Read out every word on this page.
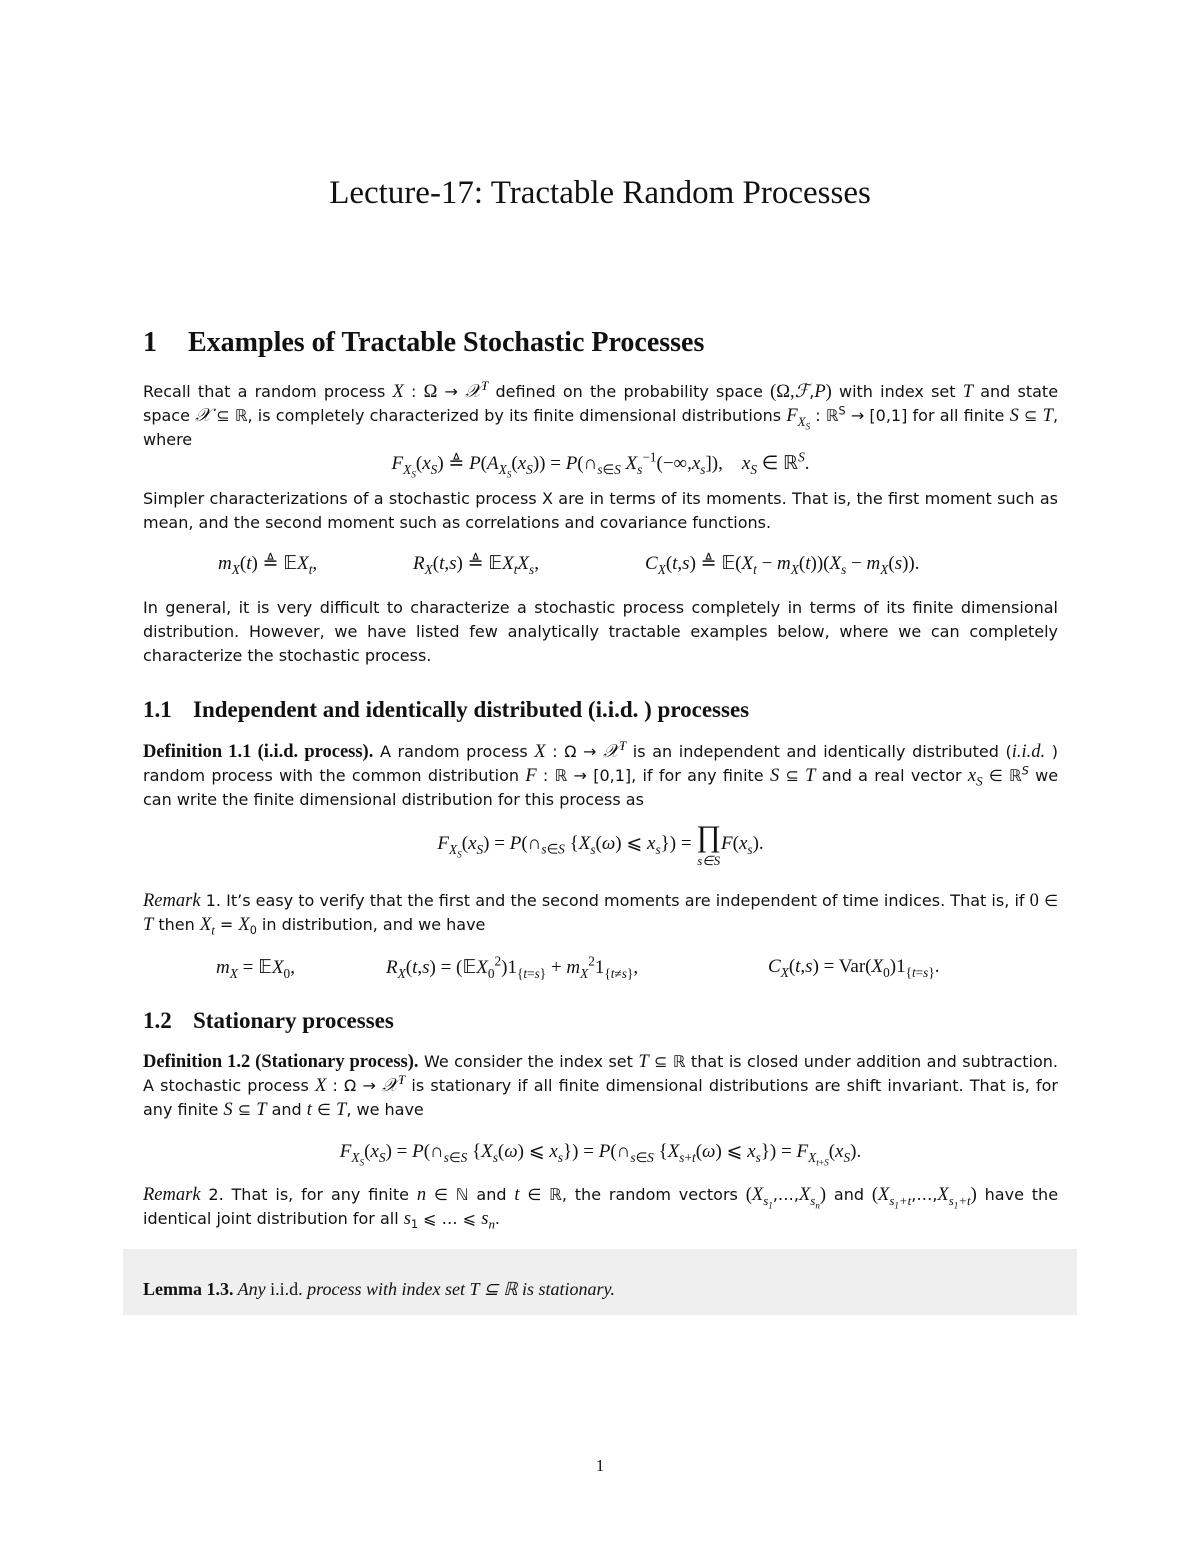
Lecture-17: Tractable Random Processes
1 Examples of Tractable Stochastic Processes
Recall that a random process X : Ω → 𝒳$^T$ defined on the probability space (Ω,ℱ,P) with index set T and state space 𝒳 ⊆ ℝ, is completely characterized by its finite dimensional distributions $F_{X_S}$ : ℝ$^S$ → [0,1] for all finite S ⊆ T, where
$F_{X_S}(x_S)$ ≜ $P(A_{X_S}(x_S))$ = $P(\cap_{s\in S}$ $X_s^{-1}(-\infty,x_s]$),    $x_S$ ∈ ℝ$^S$.
Simpler characterizations of a stochastic process X are in terms of its moments. That is, the first moment such as mean, and the second moment such as correlations and covariance functions.
$m_X(t)$ ≜ 𝔼X$_t$,	$R_X(t,s)$ ≜ $𝔼X_tX_s$,	$C_X(t,s)$ ≜ $𝔼(X_t - m_X(t))(X_s - m_X(s))$.
In general, it is very difficult to characterize a stochastic process completely in terms of its finite dimensional distribution. However, we have listed few analytically tractable examples below, where we can completely characterize the stochastic process.
1.1 Independent and identically distributed (i.i.d. ) processes
Definition 1.1 (i.i.d. process). A random process X : Ω → 𝒳$^T$ is an independent and identically distributed (i.i.d. ) random process with the common distribution F : ℝ → [0,1], if for any finite S ⊆ T and a real vector $x_S$ ∈ ℝ$^S$ we can write the finite dimensional distribution for this process as
$F_{X_S}(x_S)$ = $P(\cap_{s\in S}$ {$X_s(\omega)$ ⩽ $x_s$}) = ∏
s∈S
$F(x_s)$.
Remark 1. It’s easy to verify that the first and the second moments are independent of time indices. That is, if 0 ∈ T then $X_t = X_0$ in distribution, and we have
$m_X$ = 𝔼X$_0$,	$R_X(t,s)$ = $(𝔼X_0^2)1_{\{t=s\}} + m_X^21_{\{t\ne s\}}$,	$C_X(t,s) = Var(X_0)1_{\{t=s\}}$.
1.2 Stationary processes
Definition 1.2 (Stationary process). We consider the index set T ⊆ ℝ that is closed under addition and subtraction. A stochastic process X : Ω → 𝒳$^T$ is stationary if all finite dimensional distributions are shift invariant. That is, for any finite S ⊆ T and t ∈ T, we have
$F_{X_S}(x_S)$ = $P(\cap_{s\in S}$ {$X_s(\omega)$ ⩽ $x_s$}) = $P(\cap_{s\in S}$ {$X_{s+t}(\omega)$ ⩽ $x_s\}) = F_{X_{t+S}}(x_S)$.
Remark 2. That is, for any finite n ∈ ℕ and t ∈ ℝ, the random vectors $(X_{s_1},\dots,X_{s_n})$ and $(X_{s_1+t},\dots,X_{s_1+t})$ have the identical joint distribution for all $s_1$ ⩽ … ⩽ $s_n$.
Lemma 1.3. Any i.i.d. process with index set T ⊆ ℝ is stationary.
1
